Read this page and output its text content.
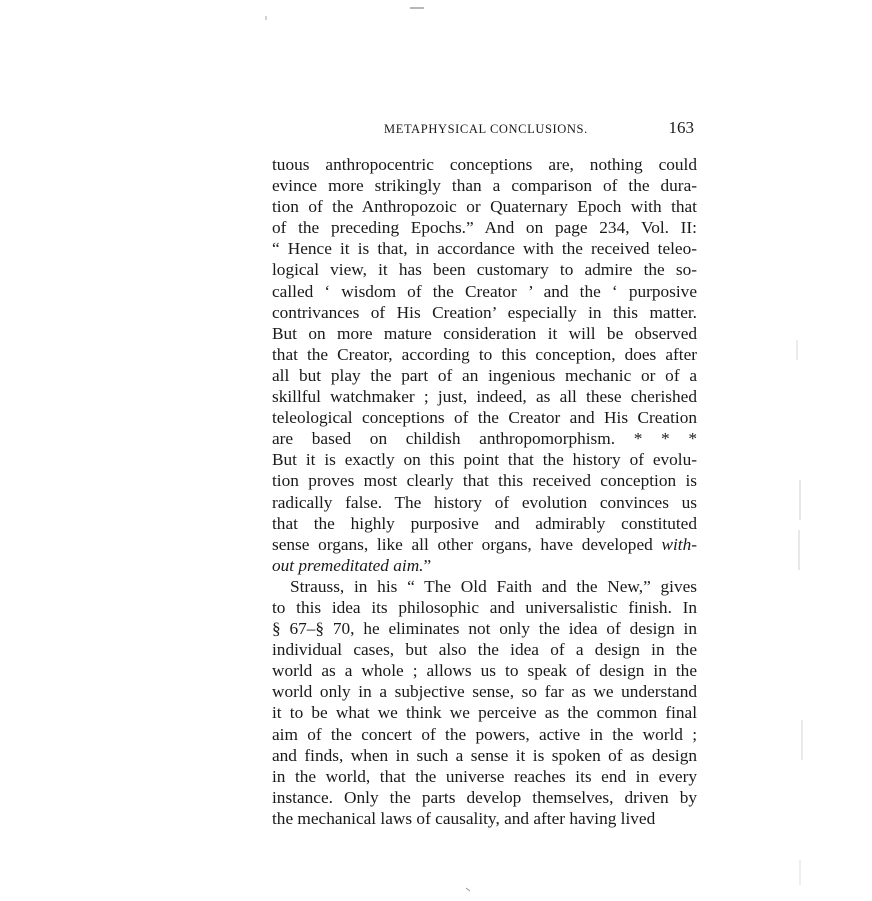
METAPHYSICAL CONCLUSIONS.	163
tuous anthropocentric conceptions are, nothing could
evince more strikingly than a comparison of the dura-
tion of the Anthropozoic or Quaternary Epoch with that
of the preceding Epochs.” And on page 234, Vol. II:
“ Hence it is that, in accordance with the received teleo-
logical view, it has been customary to admire the so-
called ‘ wisdom of the Creator ’ and the ‘ purposive
contrivances of His Creation’ especially in this matter.
But on more mature consideration it will be observed
that the Creator, according to this conception, does after
all but play the part of an ingenious mechanic or of a
skillful watchmaker ; just, indeed, as all these cherished
teleological conceptions of the Creator and His Creation
are based on childish anthropomorphism. * * *
But it is exactly on this point that the history of evolu-
tion proves most clearly that this received conception is
radically false. The history of evolution convinces us
that the highly purposive and admirably constituted
sense organs, like all other organs, have developed with-
out premeditated aim.”
Strauss, in his “ The Old Faith and the New,” gives
to this idea its philosophic and universalistic finish. In
§ 67–§ 70, he eliminates not only the idea of design in
individual cases, but also the idea of a design in the
world as a whole ; allows us to speak of design in the
world only in a subjective sense, so far as we understand
it to be what we think we perceive as the common final
aim of the concert of the powers, active in the world ;
and finds, when in such a sense it is spoken of as design
in the world, that the universe reaches its end in every
instance. Only the parts develop themselves, driven by
the mechanical laws of causality, and after having lived
